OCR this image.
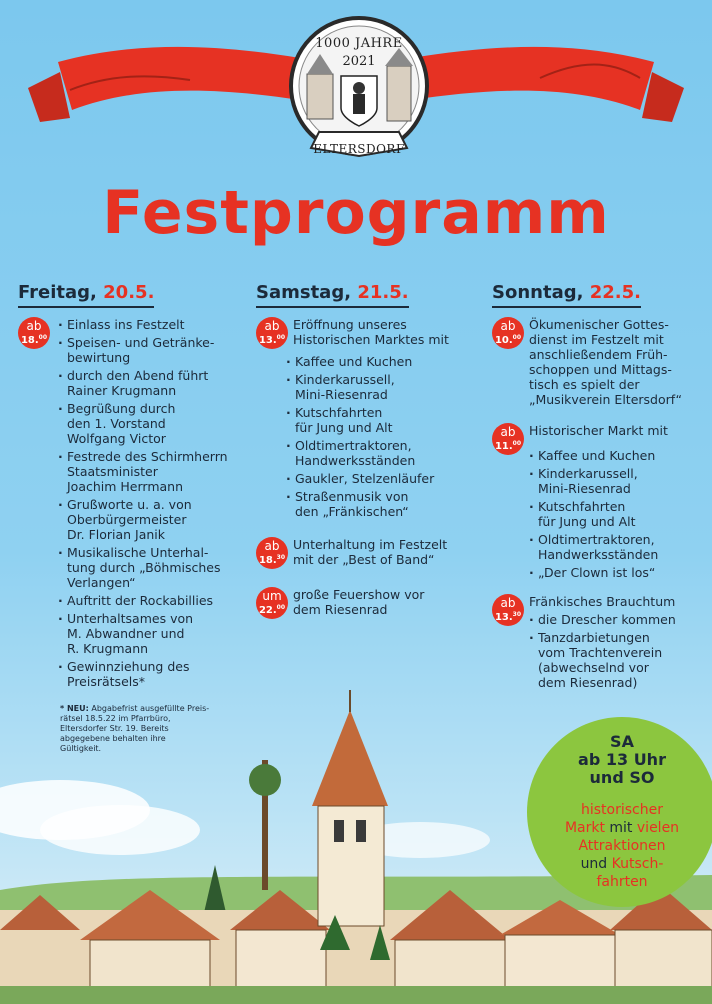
1000 JAHRE
2021
ELTERSDORF
Festprogramm
Freitag, 20.5.
ab
18.00
· Einlass ins Festzelt
· Speisen- und Getränke-
bewirtung
· durch den Abend führt
Rainer Krugmann
· Begrüßung durch
den 1. Vorstand
Wolfgang Victor
· Festrede des Schirmherrn
Staatsminister
Joachim Herrmann
· Grußworte u. a. von
Oberbürgermeister
Dr. Florian Janik
· Musikalische Unterhal-
tung durch „Böhmisches
Verlangen“
· Auftritt der Rockabillies
· Unterhaltsames von
M. Abwandner und
R. Krugmann
· Gewinnziehung des
Preisrätsels*
* NEU: Abgabefrist ausgefüllte Preis-
rätsel 18.5.22 im Pfarrbüro,
Eltersdorfer Str. 19. Bereits
abgegebene behalten ihre
Gültigkeit.
Samstag, 21.5.
ab
13.00
Eröffnung unseres
Historischen Marktes mit
· Kaffee und Kuchen
· Kinderkarussell,
Mini-Riesenrad
· Kutschfahrten
für Jung und Alt
· Oldtimertraktoren,
Handwerksständen
· Gaukler, Stelzenläufer
· Straßenmusik von
den „Fränkischen“
ab
18.30
Unterhaltung im Festzelt
mit der „Best of Band“
um
22.00
große Feuershow vor
dem Riesenrad
Sonntag, 22.5.
ab
10.00
Ökumenischer Gottes-
dienst im Festzelt mit
anschließendem Früh-
schoppen und Mittags-
tisch es spielt der
„Musikverein Eltersdorf“
ab
11.00
Historischer Markt mit
· Kaffee und Kuchen
· Kinderkarussell,
Mini-Riesenrad
· Kutschfahrten
für Jung und Alt
· Oldtimertraktoren,
Handwerksständen
· „Der Clown ist los“
ab
13.30
Fränkisches Brauchtum
· die Drescher kommen
· Tanzdarbietungen
vom Trachtenverein
(abwechselnd vor
dem Riesenrad)
SA
ab 13 Uhr
und SO
historischer
Markt mit vielen
Attraktionen
und Kutsch-
fahrten
